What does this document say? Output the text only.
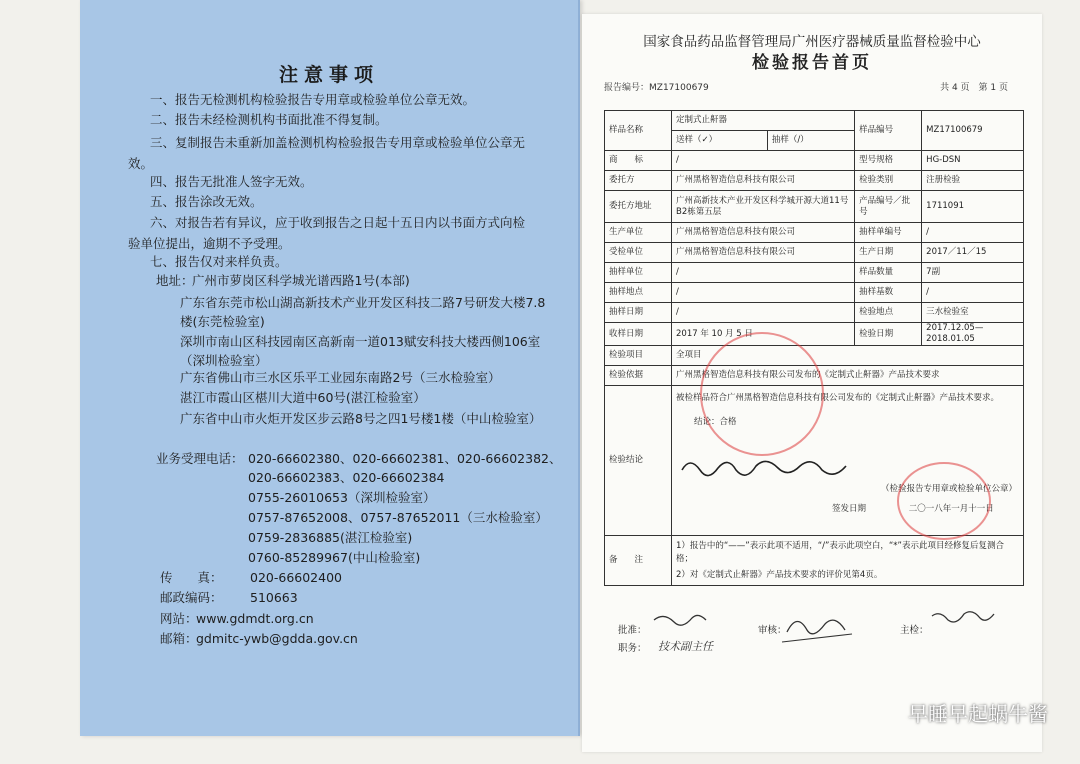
注意事项
一、报告无检测机构检验报告专用章或检验单位公章无效。
二、报告未经检测机构书面批准不得复制。
三、复制报告未重新加盖检测机构检验报告专用章或检验单位公章无效。
四、报告无批准人签字无效。
五、报告涂改无效。
六、对报告若有异议，应于收到报告之日起十五日内以书面方式向检验单位提出，逾期不予受理。
七、报告仅对来样负责。
地址：
广州市萝岗区科学城光谱西路1号(本部)
广东省东莞市松山湖高新技术产业开发区科技二路7号研发大楼7.8楼(东莞检验室)
深圳市南山区科技园南区高新南一道013赋安科技大楼西侧106室（深圳检验室）
广东省佛山市三水区乐平工业园东南路2号（三水检验室）
湛江市霞山区椹川大道中60号(湛江检验室）
广东省中山市火炬开发区步云路8号之四1号楼1楼（中山检验室）
业务受理电话： 020-66602380、020-66602381、020-66602382、
020-66602383、020-66602384
0755-26010653（深圳检验室）
0757-87652008、0757-87652011（三水检验室）
0759-2836885(湛江检验室)
0760-85289967(中山检验室)
传　　真： 020-66602400
邮政编码： 510663
网站：
www.gdmdt.org.cn
邮箱：
gdmitc-ywb@gdda.gov.cn
国家食品药品监督管理局广州医疗器械质量监督检验中心
检验报告首页
报告编号：MZ17100679	共 4 页　第 1 页
样品名称	定制式止鼾器		样品编号	MZ17100679
	送样（✓）	抽样（/）		
商　　标	/		型号规格	HG-DSN
委托方	广州黑格智造信息科技有限公司		检验类别	注册检验
委托方地址	广州高新技术产业开发区科学城开源大道11号B2栋第五层		产品编号／批号	1711091
生产单位	广州黑格智造信息科技有限公司		抽样单编号	/
受检单位	广州黑格智造信息科技有限公司		生产日期	2017／11／15
抽样单位	/		样品数量	7副
抽样地点	/		抽样基数	/
抽样日期	/		检验地点	三水检验室
收样日期	2017 年 10 月 5 日		检验日期	2017.12.05—2018.01.05
检验项目	全项目			
检验依据	广州黑格智造信息科技有限公司发布的《定制式止鼾器》产品技术要求			
检验结论	被检样品符合广州黑格智造信息科技有限公司发布的《定制式止鼾器》产品技术要求。
结论：合格
（检验报告专用章或检验单位公章）
签发日期 二〇一八年一月十一日			

备　　注	1）报告中的“——”表示此项不适用，“/”表示此项空白，“*”表示此项目经修复后复测合格；
2）对《定制式止鼾器》产品技术要求的评价见第4页。			
批准：
职务： 技术副主任
审核：	主检：
早睡早起蜗牛酱
